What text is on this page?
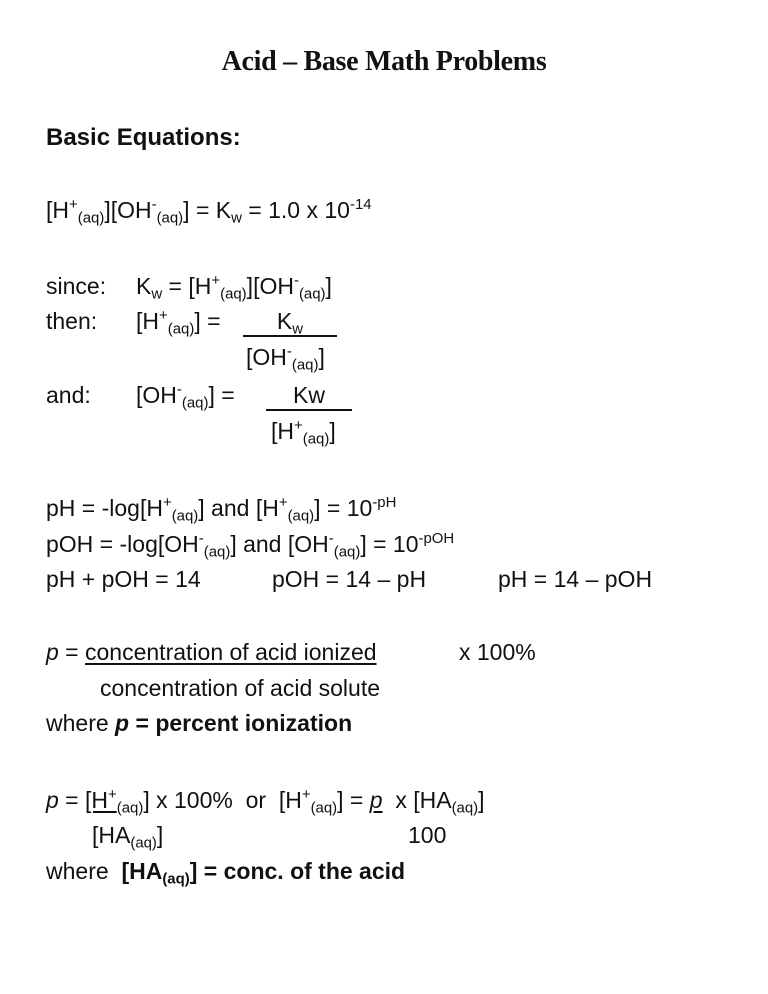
Acid – Base Math Problems
Basic Equations:
$[H^+_{(aq)}][OH^-_{(aq)}] = K_w = 1.0$ x $10^{-14}$
since: $K_w = [H^+_{(aq)}][OH^-_{(aq)}]$
then: $[H^+_{(aq)}]$ =	$K_w$
$[OH^-_{(aq)}]$
and: $[OH^-_{(aq)}]$ =	Kw
$[H^+_{(aq)}]$
pH = $-\log[H^+_{(aq)}]$ and $[H^+_{(aq)}] = 10^{-pH}$
pOH = $-\log[OH^-_{(aq)}]$ and $[OH^-_{(aq)}] = 10^{-pOH}$
pH + pOH = 14	pOH = 14 – pH	pH = 14 – pOH
p = concentration of acid ionized	x 100%
concentration of acid solute
where p = percent ionization
$p = [H^+_{(aq)}]$ x 100%  or  $[H^+_{(aq)}] = p$  x $[HA_{(aq)}]$
$[HA_{(aq)}]$	100
where  $[HA_{(aq)}]$ = conc. of the acid
